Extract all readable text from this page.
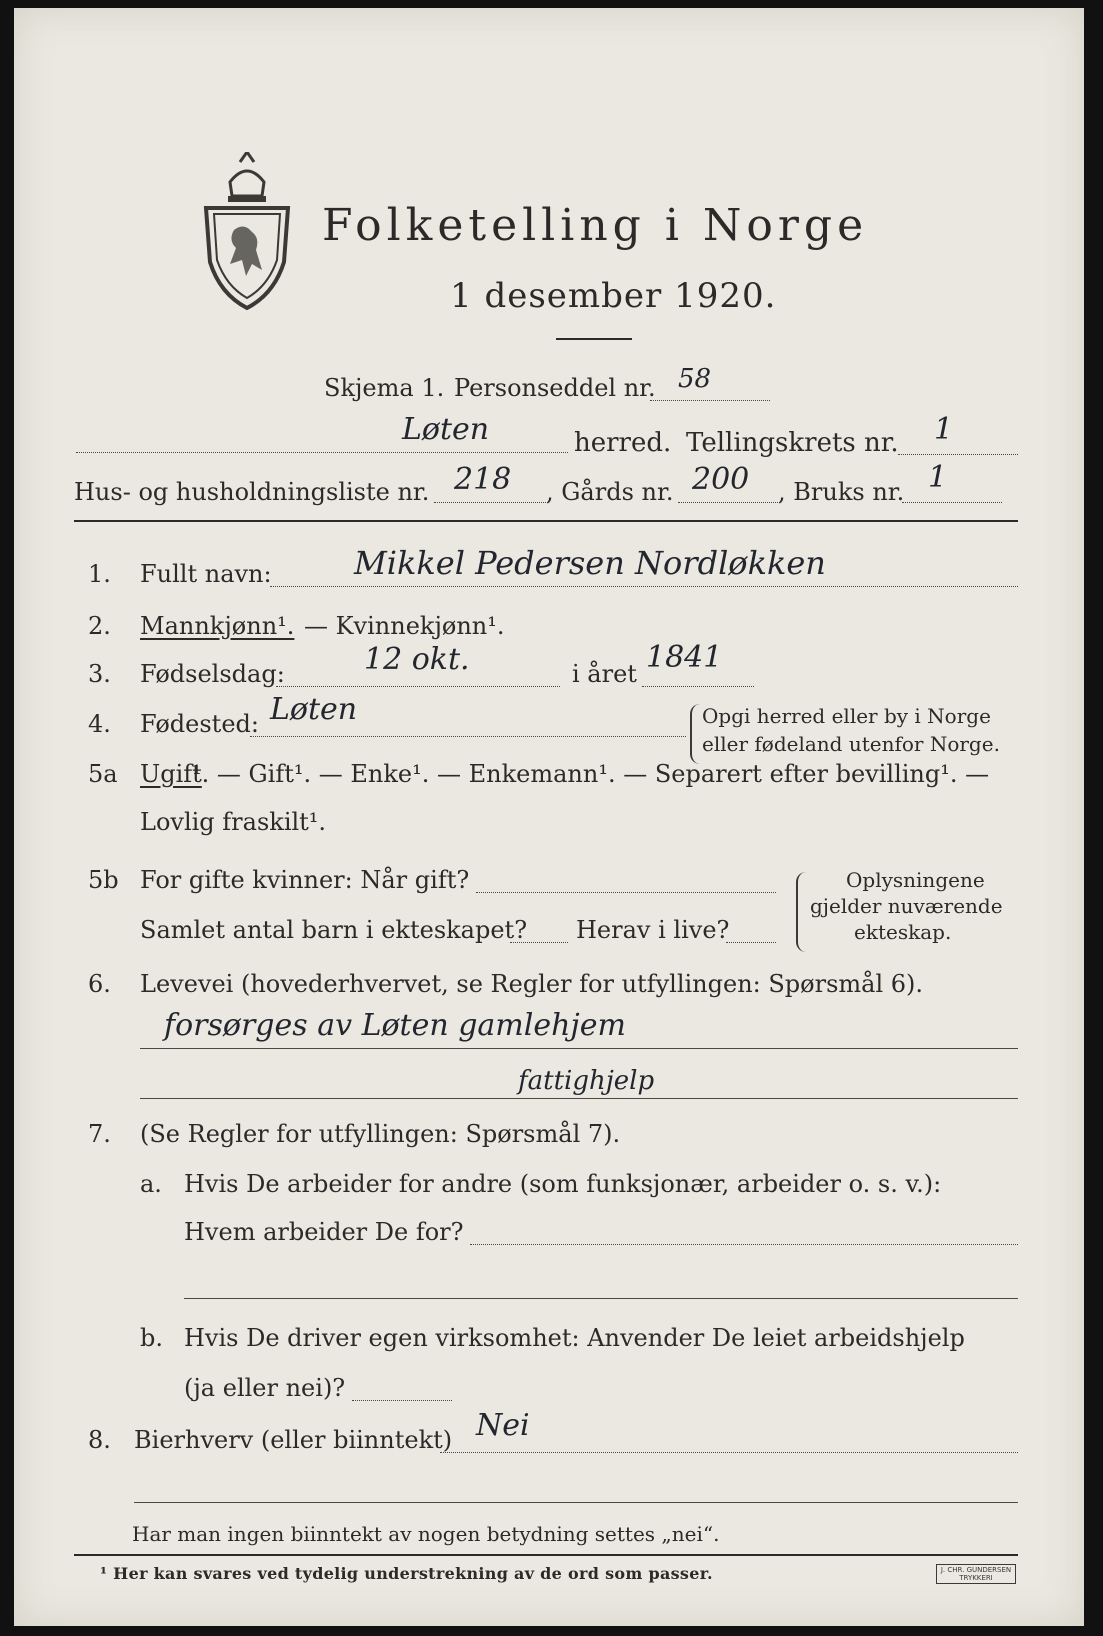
Folketelling i Norge
1 desember 1920.
Skjema 1. Personseddel nr. 58
Løten	herred. Tellingskrets nr. 1
Hus- og husholdningsliste nr. 218 , Gårds nr. 200 , Bruks nr. 1
1. Fullt navn:	Mikkel Pedersen Nordløkken
2. Mannkjønn¹. — Kvinnekjønn¹.
3. Fødselsdag:	12 okt.	i året 1841
4. Fødested: Løten	Opgi herred eller by i Norge
eller fødeland utenfor Norge.
5a Ugift
¹. — Gift¹. — Enke¹. — Enkemann¹. — Separert efter bevilling¹. —
Lovlig fraskilt¹.
5b For gifte kvinner: Når gift?
Samlet antal barn i ekteskapet? Herav i live?
Oplysningene
gjelder nuværende
ekteskap.
6. Levevei (hovederhvervet, se Regler for utfyllingen: Spørsmål 6).
forsørges av Løten gamlehjem
fattighjelp
7. (Se Regler for utfyllingen: Spørsmål 7).
a. Hvis De arbeider for andre (som funksjonær, arbeider o. s. v.):
Hvem arbeider De for?
b. Hvis De driver egen virksomhet: Anvender De leiet arbeidshjelp
(ja eller nei)?
8. Bierhverv (eller biinntekt) Nei
Har man ingen biinntekt av nogen betydning settes „nei“.
¹ Her kan svares ved tydelig understrekning av de ord som passer.	J. CHR. GUNDERSEN
TRYKKERI
